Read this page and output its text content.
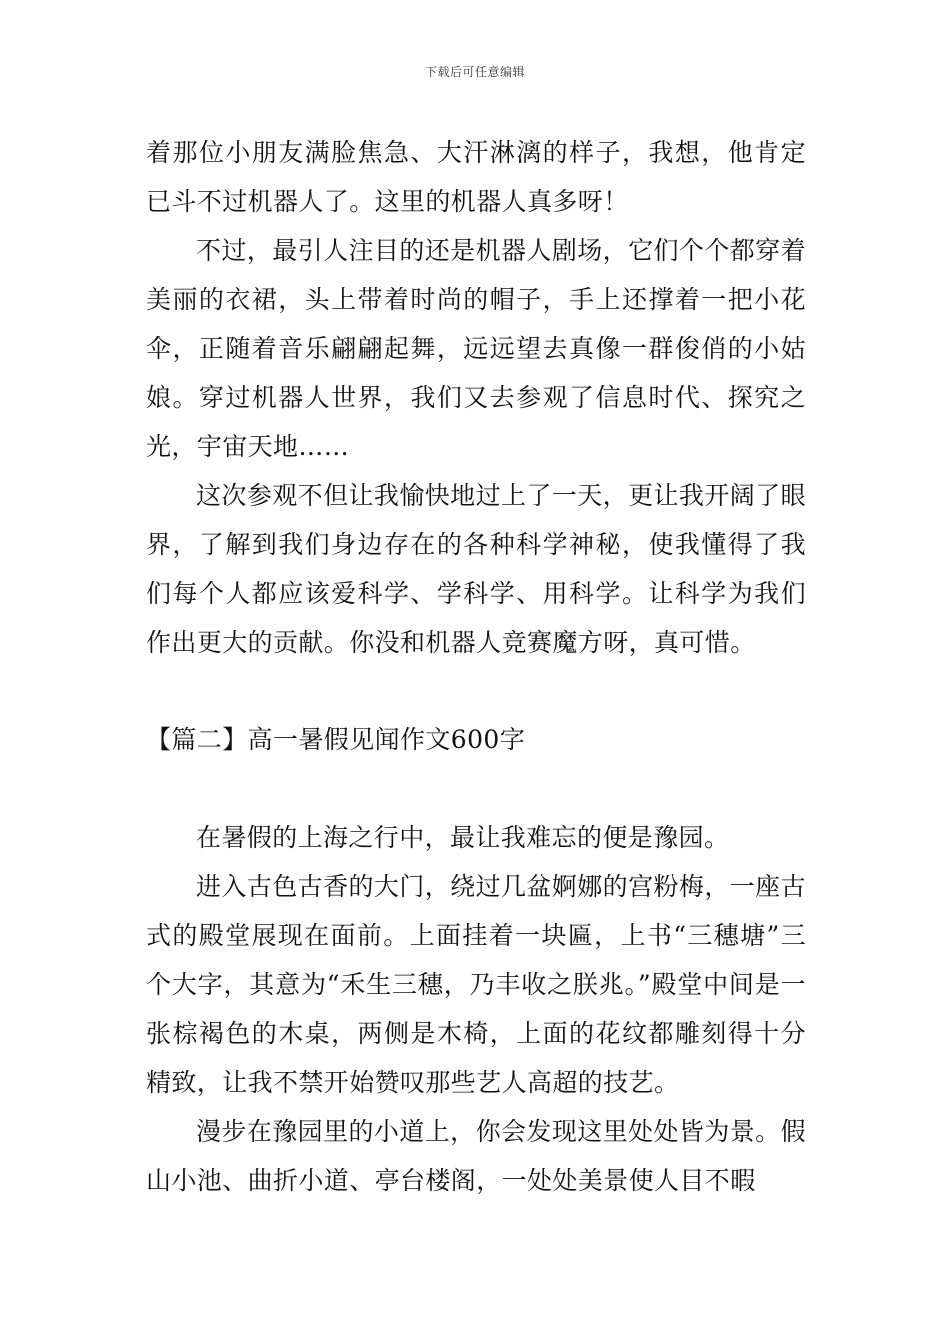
下载后可任意编辑

着那位小朋友满脸焦急、大汗淋漓的样子，我想，他肯定已斗不过机器人了。这里的机器人真多呀！

不过，最引人注目的还是机器人剧场，它们个个都穿着美丽的衣裙，头上带着时尚的帽子，手上还撑着一把小花伞，正随着音乐翩翩起舞，远远望去真像一群俊俏的小姑娘。穿过机器人世界，我们又去参观了信息时代、探究之光，宇宙天地……

这次参观不但让我愉快地过上了一天，更让我开阔了眼界，了解到我们身边存在的各种科学神秘，使我懂得了我们每个人都应该爱科学、学科学、用科学。让科学为我们作出更大的贡献。你没和机器人竞赛魔方呀，真可惜。

【篇二】高一暑假见闻作文600字

在暑假的上海之行中，最让我难忘的便是豫园。

进入古色古香的大门，绕过几盆婀娜的宫粉梅，一座古式的殿堂展现在面前。上面挂着一块匾，上书“三穗塘”三个大字，其意为“禾生三穗，乃丰收之朕兆。”殿堂中间是一张棕褐色的木桌，两侧是木椅，上面的花纹都雕刻得十分精致，让我不禁开始赞叹那些艺人高超的技艺。

漫步在豫园里的小道上，你会发现这里处处皆为景。假山小池、曲折小道、亭台楼阁，一处处美景使人目不暇
